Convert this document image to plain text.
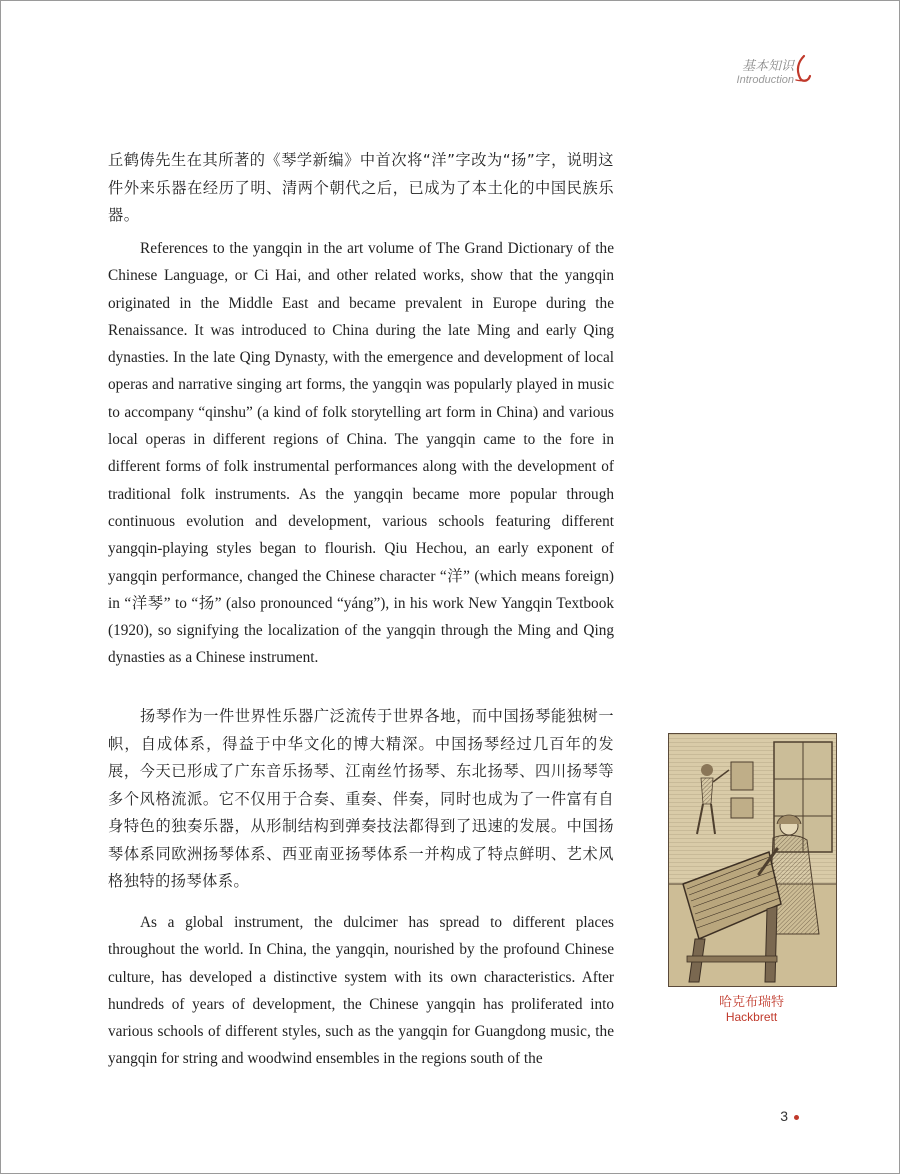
基本知识
Introduction

丘鹤俦先生在其所著的《琴学新编》中首次将“洋”字改为“扬”字，说明这件外来乐器在经历了明、清两个朝代之后，已成为了本土化的中国民族乐器。

References to the yangqin in the art volume of The Grand Dictionary of the Chinese Language, or Ci Hai, and other related works, show that the yangqin originated in the Middle East and became prevalent in Europe during the Renaissance. It was introduced to China during the late Ming and early Qing dynasties. In the late Qing Dynasty, with the emergence and development of local operas and narrative singing art forms, the yangqin was popularly played in music to accompany “qinshu” (a kind of folk storytelling art form in China) and various local operas in different regions of China. The yangqin came to the fore in different forms of folk instrumental performances along with the development of traditional folk instruments. As the yangqin became more popular through continuous evolution and development, various schools featuring different yangqin-playing styles began to flourish. Qiu Hechou, an early exponent of yangqin performance, changed the Chinese character “洋” (which means foreign) in “洋琴” to “扬” (also pronounced “yáng”), in his work New Yangqin Textbook (1920), so signifying the localization of the yangqin through the Ming and Qing dynasties as a Chinese instrument.

扬琴作为一件世界性乐器广泛流传于世界各地，而中国扬琴能独树一帜，自成体系，得益于中华文化的博大精深。中国扬琴经过几百年的发展，今天已形成了广东音乐扬琴、江南丝竹扬琴、东北扬琴、四川扬琴等多个风格流派。它不仅用于合奏、重奏、伴奏，同时也成为了一件富有自身特色的独奏乐器，从形制结构到弹奏技法都得到了迅速的发展。中国扬琴体系同欧洲扬琴体系、西亚南亚扬琴体系一并构成了特点鲜明、艺术风格独特的扬琴体系。

As a global instrument, the dulcimer has spread to different places throughout the world. In China, the yangqin, nourished by the profound Chinese culture, has developed a distinctive system with its own characteristics. After hundreds of years of development, the Chinese yangqin has proliferated into various schools of different styles, such as the yangqin for Guangdong music, the yangqin for string and woodwind ensembles in the regions south of the

哈克布瑞特
Hackbrett
3
